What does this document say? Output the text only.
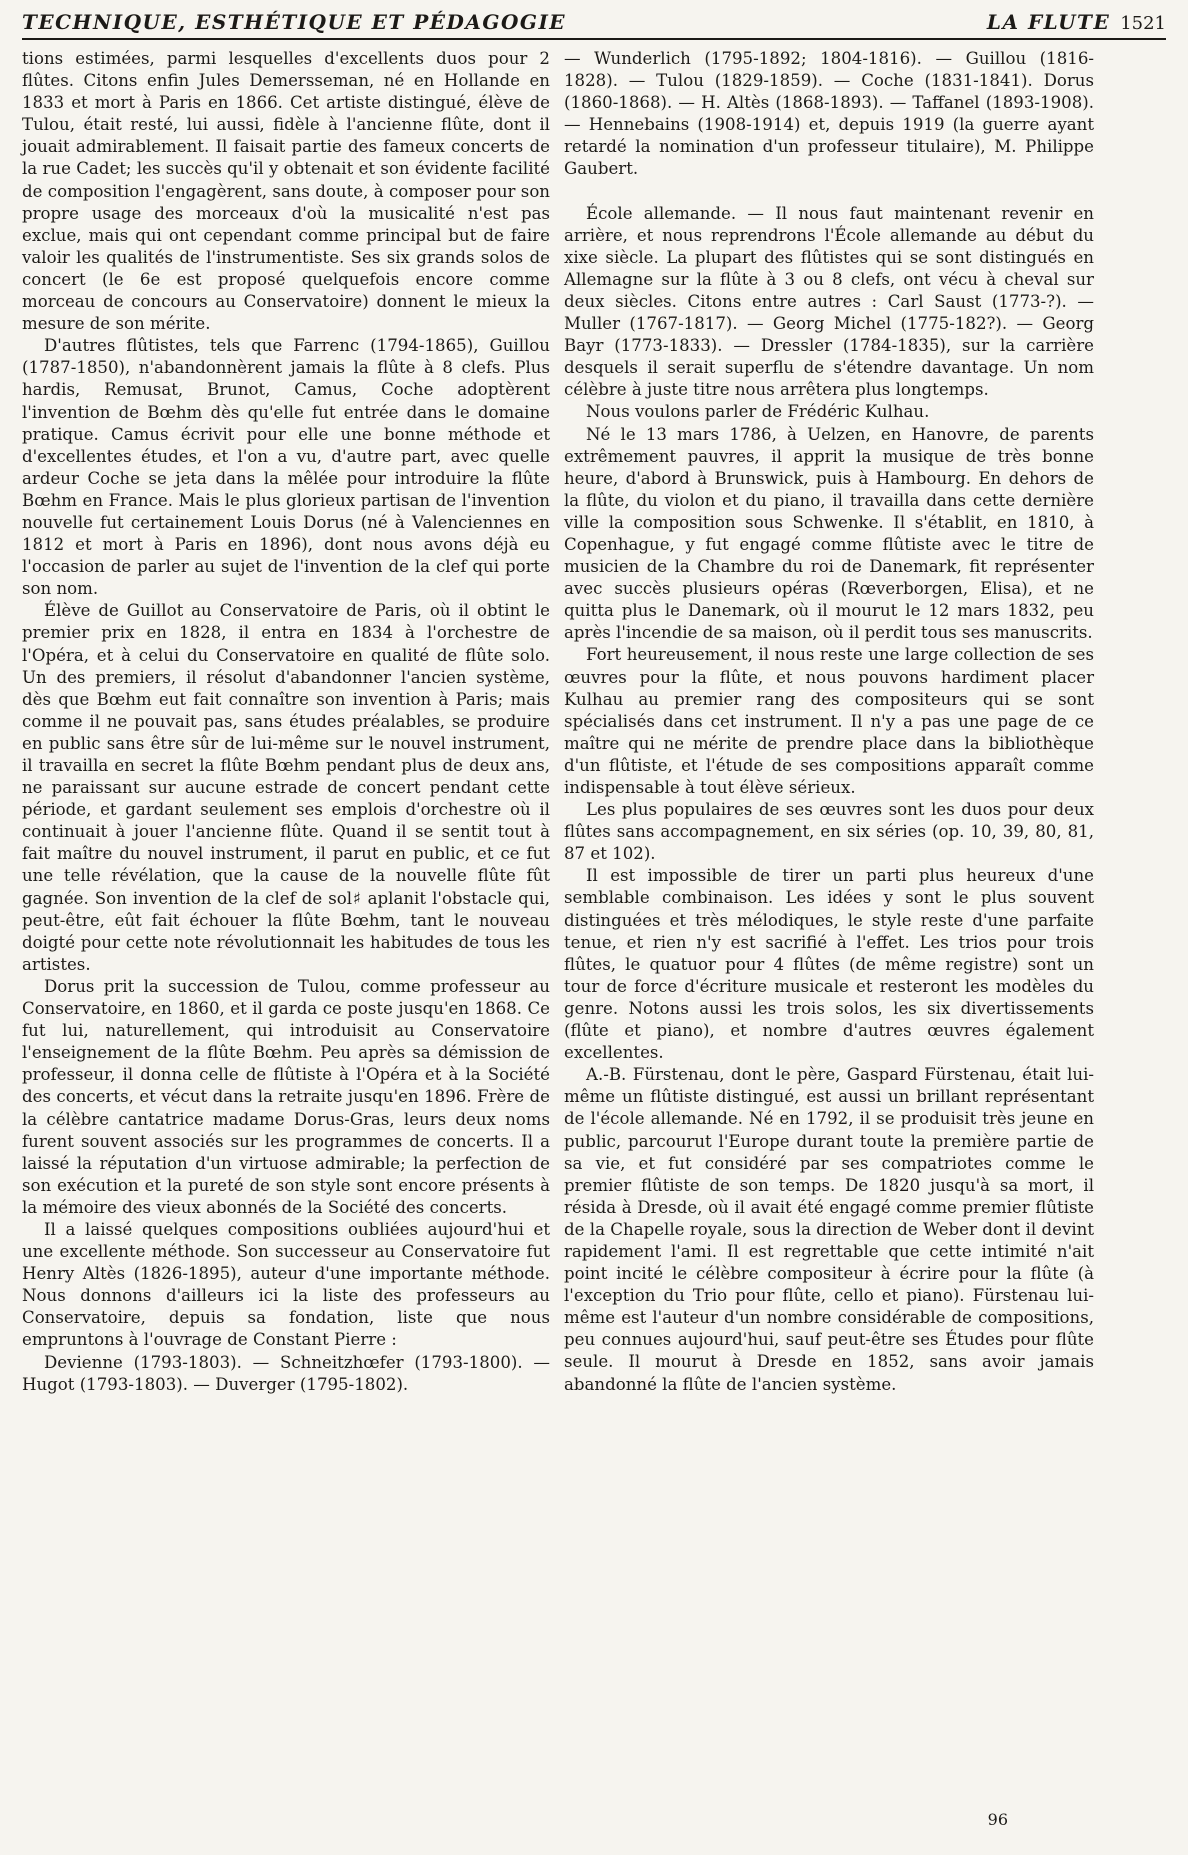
TECHNIQUE, ESTHÉTIQUE ET PÉDAGOGIE	LA FLUTE 1521

tions estimées, parmi lesquelles d'excellents duos pour 2 flûtes. Citons enfin Jules Demersseman, né en Hollande en 1833 et mort à Paris en 1866. Cet artiste distingué, élève de Tulou, était resté, lui aussi, fidèle à l'ancienne flûte, dont il jouait admirablement. Il faisait partie des fameux concerts de la rue Cadet; les succès qu'il y obtenait et son évidente facilité de composition l'engagèrent, sans doute, à composer pour son propre usage des morceaux d'où la musicalité n'est pas exclue, mais qui ont cependant comme principal but de faire valoir les qualités de l'instrumentiste. Ses six grands solos de concert (le 6e est proposé quelquefois encore comme morceau de concours au Conservatoire) donnent le mieux la mesure de son mérite.

D'autres flûtistes, tels que Farrenc (1794-1865), Guillou (1787-1850), n'abandonnèrent jamais la flûte à 8 clefs. Plus hardis, Remusat, Brunot, Camus, Coche adoptèrent l'invention de Bœhm dès qu'elle fut entrée dans le domaine pratique. Camus écrivit pour elle une bonne méthode et d'excellentes études, et l'on a vu, d'autre part, avec quelle ardeur Coche se jeta dans la mêlée pour introduire la flûte Bœhm en France. Mais le plus glorieux partisan de l'invention nouvelle fut certainement Louis Dorus (né à Valenciennes en 1812 et mort à Paris en 1896), dont nous avons déjà eu l'occasion de parler au sujet de l'invention de la clef qui porte son nom.

Élève de Guillot au Conservatoire de Paris, où il obtint le premier prix en 1828, il entra en 1834 à l'orchestre de l'Opéra, et à celui du Conservatoire en qualité de flûte solo. Un des premiers, il résolut d'abandonner l'ancien système, dès que Bœhm eut fait connaître son invention à Paris; mais comme il ne pouvait pas, sans études préalables, se produire en public sans être sûr de lui-même sur le nouvel instrument, il travailla en secret la flûte Bœhm pendant plus de deux ans, ne paraissant sur aucune estrade de concert pendant cette période, et gardant seulement ses emplois d'orchestre où il continuait à jouer l'ancienne flûte. Quand il se sentit tout à fait maître du nouvel instrument, il parut en public, et ce fut une telle révélation, que la cause de la nouvelle flûte fût gagnée. Son invention de la clef de sol♯ aplanit l'obstacle qui, peut-être, eût fait échouer la flûte Bœhm, tant le nouveau doigté pour cette note révolutionnait les habitudes de tous les artistes.

Dorus prit la succession de Tulou, comme professeur au Conservatoire, en 1860, et il garda ce poste jusqu'en 1868. Ce fut lui, naturellement, qui introduisit au Conservatoire l'enseignement de la flûte Bœhm. Peu après sa démission de professeur, il donna celle de flûtiste à l'Opéra et à la Société des concerts, et vécut dans la retraite jusqu'en 1896. Frère de la célèbre cantatrice madame Dorus-Gras, leurs deux noms furent souvent associés sur les programmes de concerts. Il a laissé la réputation d'un virtuose admirable; la perfection de son exécution et la pureté de son style sont encore présents à la mémoire des vieux abonnés de la Société des concerts.

Il a laissé quelques compositions oubliées aujourd'hui et une excellente méthode. Son successeur au Conservatoire fut Henry Altès (1826-1895), auteur d'une importante méthode. Nous donnons d'ailleurs ici la liste des professeurs au Conservatoire, depuis sa fondation, liste que nous empruntons à l'ouvrage de Constant Pierre :

Devienne (1793-1803). — Schneitzhœfer (1793-1800). — Hugot (1793-1803). — Duverger (1795-1802).

— Wunderlich (1795-1892; 1804-1816). — Guillou (1816-1828). — Tulou (1829-1859). — Coche (1831-1841). Dorus (1860-1868). — H. Altès (1868-1893). — Taffanel (1893-1908). — Hennebains (1908-1914) et, depuis 1919 (la guerre ayant retardé la nomination d'un professeur titulaire), M. Philippe Gaubert.

École allemande. — Il nous faut maintenant revenir en arrière, et nous reprendrons l'École allemande au début du xixe siècle. La plupart des flûtistes qui se sont distingués en Allemagne sur la flûte à 3 ou 8 clefs, ont vécu à cheval sur deux siècles. Citons entre autres : Carl Saust (1773-?). — Muller (1767-1817). — Georg Michel (1775-182?). — Georg Bayr (1773-1833). — Dressler (1784-1835), sur la carrière desquels il serait superflu de s'étendre davantage. Un nom célèbre à juste titre nous arrêtera plus longtemps.

Nous voulons parler de Frédéric Kulhau.

Né le 13 mars 1786, à Uelzen, en Hanovre, de parents extrêmement pauvres, il apprit la musique de très bonne heure, d'abord à Brunswick, puis à Hambourg. En dehors de la flûte, du violon et du piano, il travailla dans cette dernière ville la composition sous Schwenke. Il s'établit, en 1810, à Copenhague, y fut engagé comme flûtiste avec le titre de musicien de la Chambre du roi de Danemark, fit représenter avec succès plusieurs opéras (Rœverborgen, Elisa), et ne quitta plus le Danemark, où il mourut le 12 mars 1832, peu après l'incendie de sa maison, où il perdit tous ses manuscrits.

Fort heureusement, il nous reste une large collection de ses œuvres pour la flûte, et nous pouvons hardiment placer Kulhau au premier rang des compositeurs qui se sont spécialisés dans cet instrument. Il n'y a pas une page de ce maître qui ne mérite de prendre place dans la bibliothèque d'un flûtiste, et l'étude de ses compositions apparaît comme indispensable à tout élève sérieux.

Les plus populaires de ses œuvres sont les duos pour deux flûtes sans accompagnement, en six séries (op. 10, 39, 80, 81, 87 et 102).

Il est impossible de tirer un parti plus heureux d'une semblable combinaison. Les idées y sont le plus souvent distinguées et très mélodiques, le style reste d'une parfaite tenue, et rien n'y est sacrifié à l'effet. Les trios pour trois flûtes, le quatuor pour 4 flûtes (de même registre) sont un tour de force d'écriture musicale et resteront les modèles du genre. Notons aussi les trois solos, les six divertissements (flûte et piano), et nombre d'autres œuvres également excellentes.

A.-B. Fürstenau, dont le père, Gaspard Fürstenau, était lui-même un flûtiste distingué, est aussi un brillant représentant de l'école allemande. Né en 1792, il se produisit très jeune en public, parcourut l'Europe durant toute la première partie de sa vie, et fut considéré par ses compatriotes comme le premier flûtiste de son temps. De 1820 jusqu'à sa mort, il résida à Dresde, où il avait été engagé comme premier flûtiste de la Chapelle royale, sous la direction de Weber dont il devint rapidement l'ami. Il est regrettable que cette intimité n'ait point incité le célèbre compositeur à écrire pour la flûte (à l'exception du Trio pour flûte, cello et piano). Fürstenau lui-même est l'auteur d'un nombre considérable de compositions, peu connues aujourd'hui, sauf peut-être ses Études pour flûte seule. Il mourut à Dresde en 1852, sans avoir jamais abandonné la flûte de l'ancien système.

96
